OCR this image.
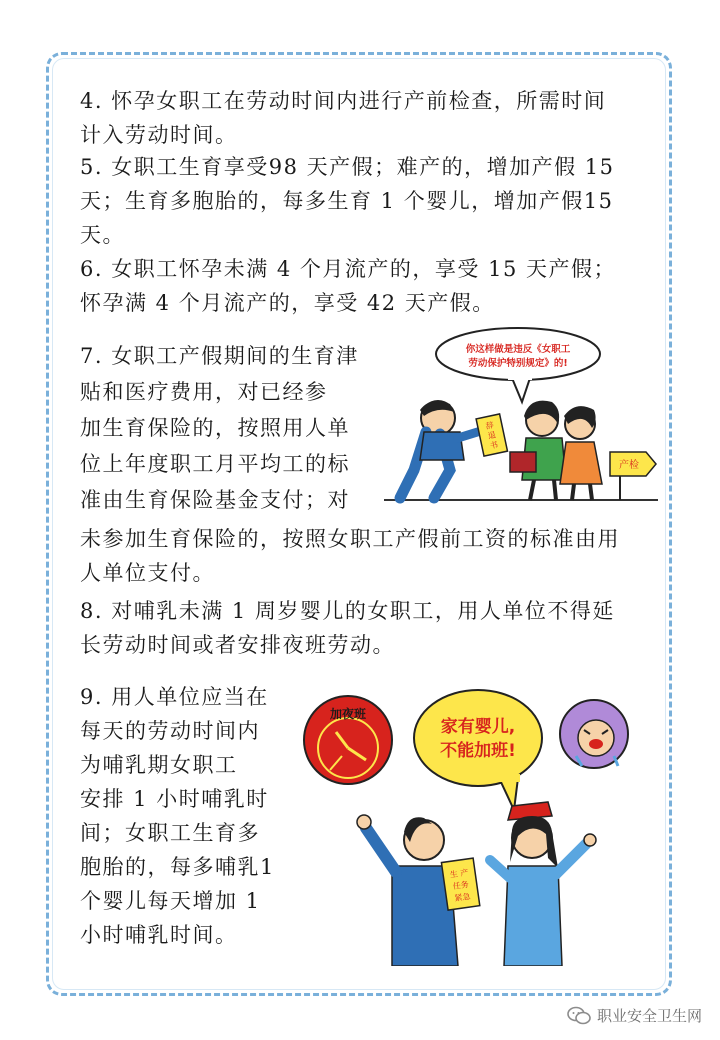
4. 怀孕女职工在劳动时间内进行产前检查，所需时间
计入劳动时间。
5. 女职工生育享受98 天产假；难产的，增加产假 15
天；生育多胞胎的，每多生育 1 个婴儿，增加产假15
天。
6. 女职工怀孕未满 4 个月流产的，享受 15 天产假；
怀孕满 4 个月流产的，享受 42 天产假。
7. 女职工产假期间的生育津
贴和医疗费用，对已经参
加生育保险的，按照用人单
位上年度职工月平均工的标
准由生育保险基金支付；对
你这样做是违反《女职工
劳动保护特别规定》的!
辞
退
书
产检
未参加生育保险的，按照女职工产假前工资的标准由用
人单位支付。
8. 对哺乳未满 1 周岁婴儿的女职工，用人单位不得延
长劳动时间或者安排夜班劳动。
9. 用人单位应当在
每天的劳动时间内
为哺乳期女职工
安排 1 小时哺乳时
间；女职工生育多
胞胎的，每多哺乳1
个婴儿每天增加 1
小时哺乳时间。
加夜班
家有婴儿,
不能加班!
生 产
任务
紧急
职业安全卫生网
